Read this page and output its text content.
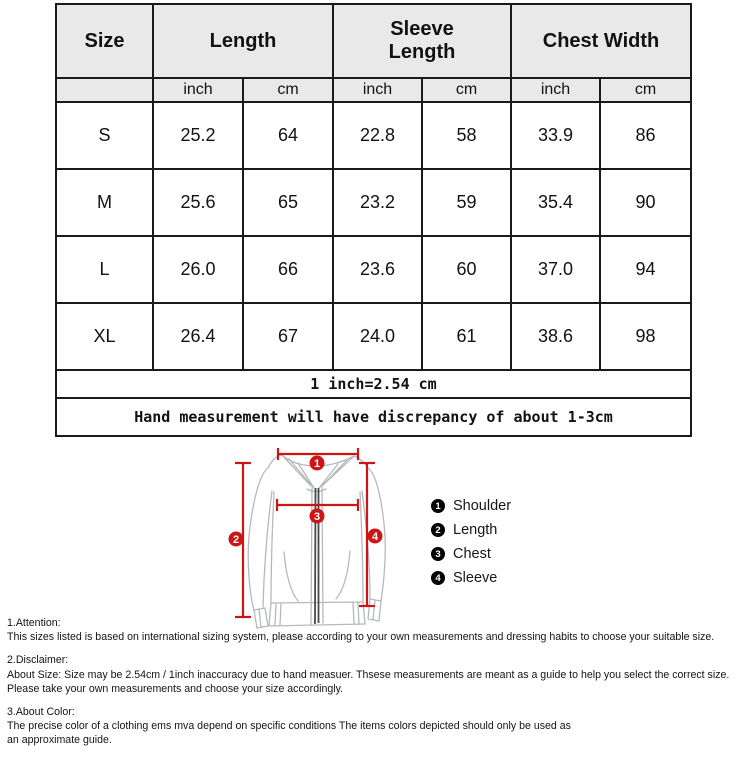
Size	Length		Sleeve Length		Chest Width	
	inch	cm	inch	cm	inch	cm
S	25.2	64	22.8	58	33.9	86
M	25.6	65	23.2	59	35.4	90
L	26.0	66	23.6	60	37.0	94
XL	26.4	67	24.0	61	38.6	98
1 inch=2.54 cm						
Hand measurement will have discrepancy of about 1-3cm						
1
2
3
4
1 Shoulder
2 Length
3 Chest
4 Sleeve
1.Attention:
This sizes listed is based on international sizing system, please according to your own measurements and dressing habits to choose your suitable size.
2.Disclaimer:
About Size: Size may be 2.54cm / 1inch inaccuracy due to hand measuer. Thsese measurements are meant as a guide to help you select the correct size.
Please take your own measurements and choose your size accordingly.
3.About Color:
The precise color of a clothing ems mva depend on specific conditions The items colors depicted should only be used as
an approximate guide.
